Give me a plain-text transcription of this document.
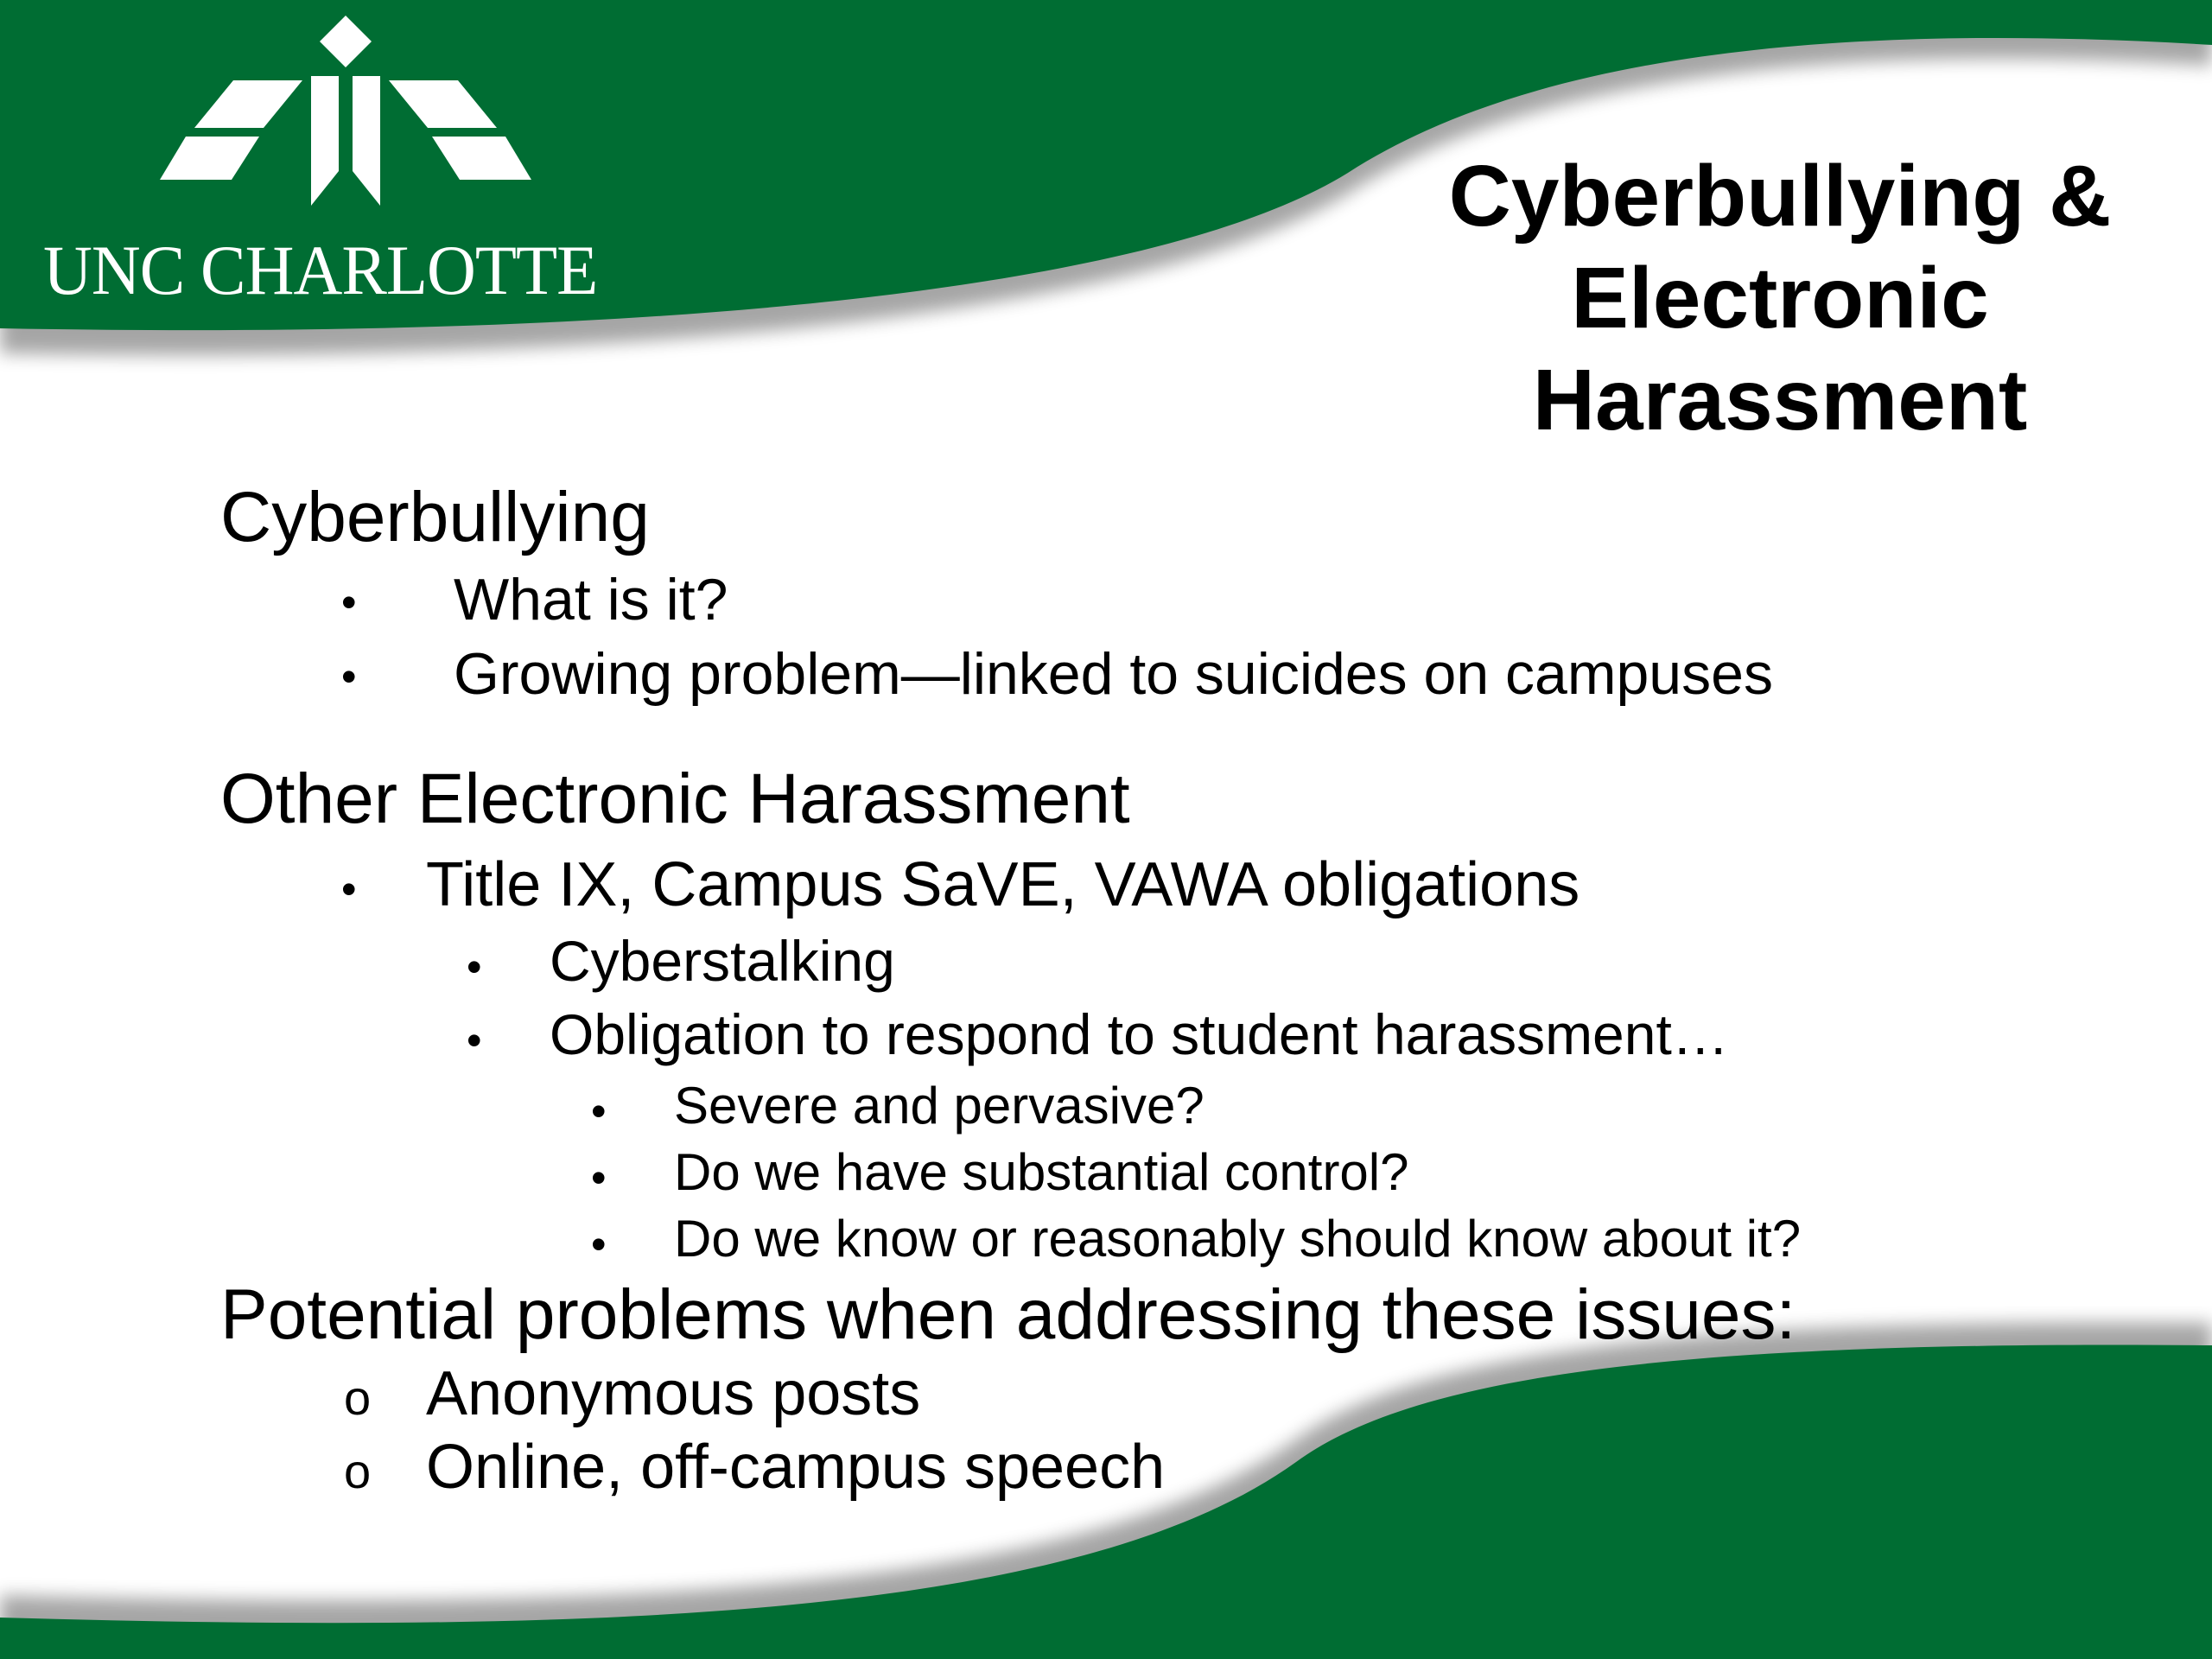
UNC CHARLOTTE
Cyberbullying &
Electronic
Harassment
Cyberbullying
• What is it?
• Growing problem—linked to suicides on campuses
Other Electronic Harassment
• Title IX, Campus SaVE, VAWA obligations
• Cyberstalking
• Obligation to respond to student harassment…
• Severe and pervasive?
• Do we have substantial control?
• Do we know or reasonably should know about it?
Potential problems when addressing these issues:
o Anonymous posts
o Online, off-campus speech
